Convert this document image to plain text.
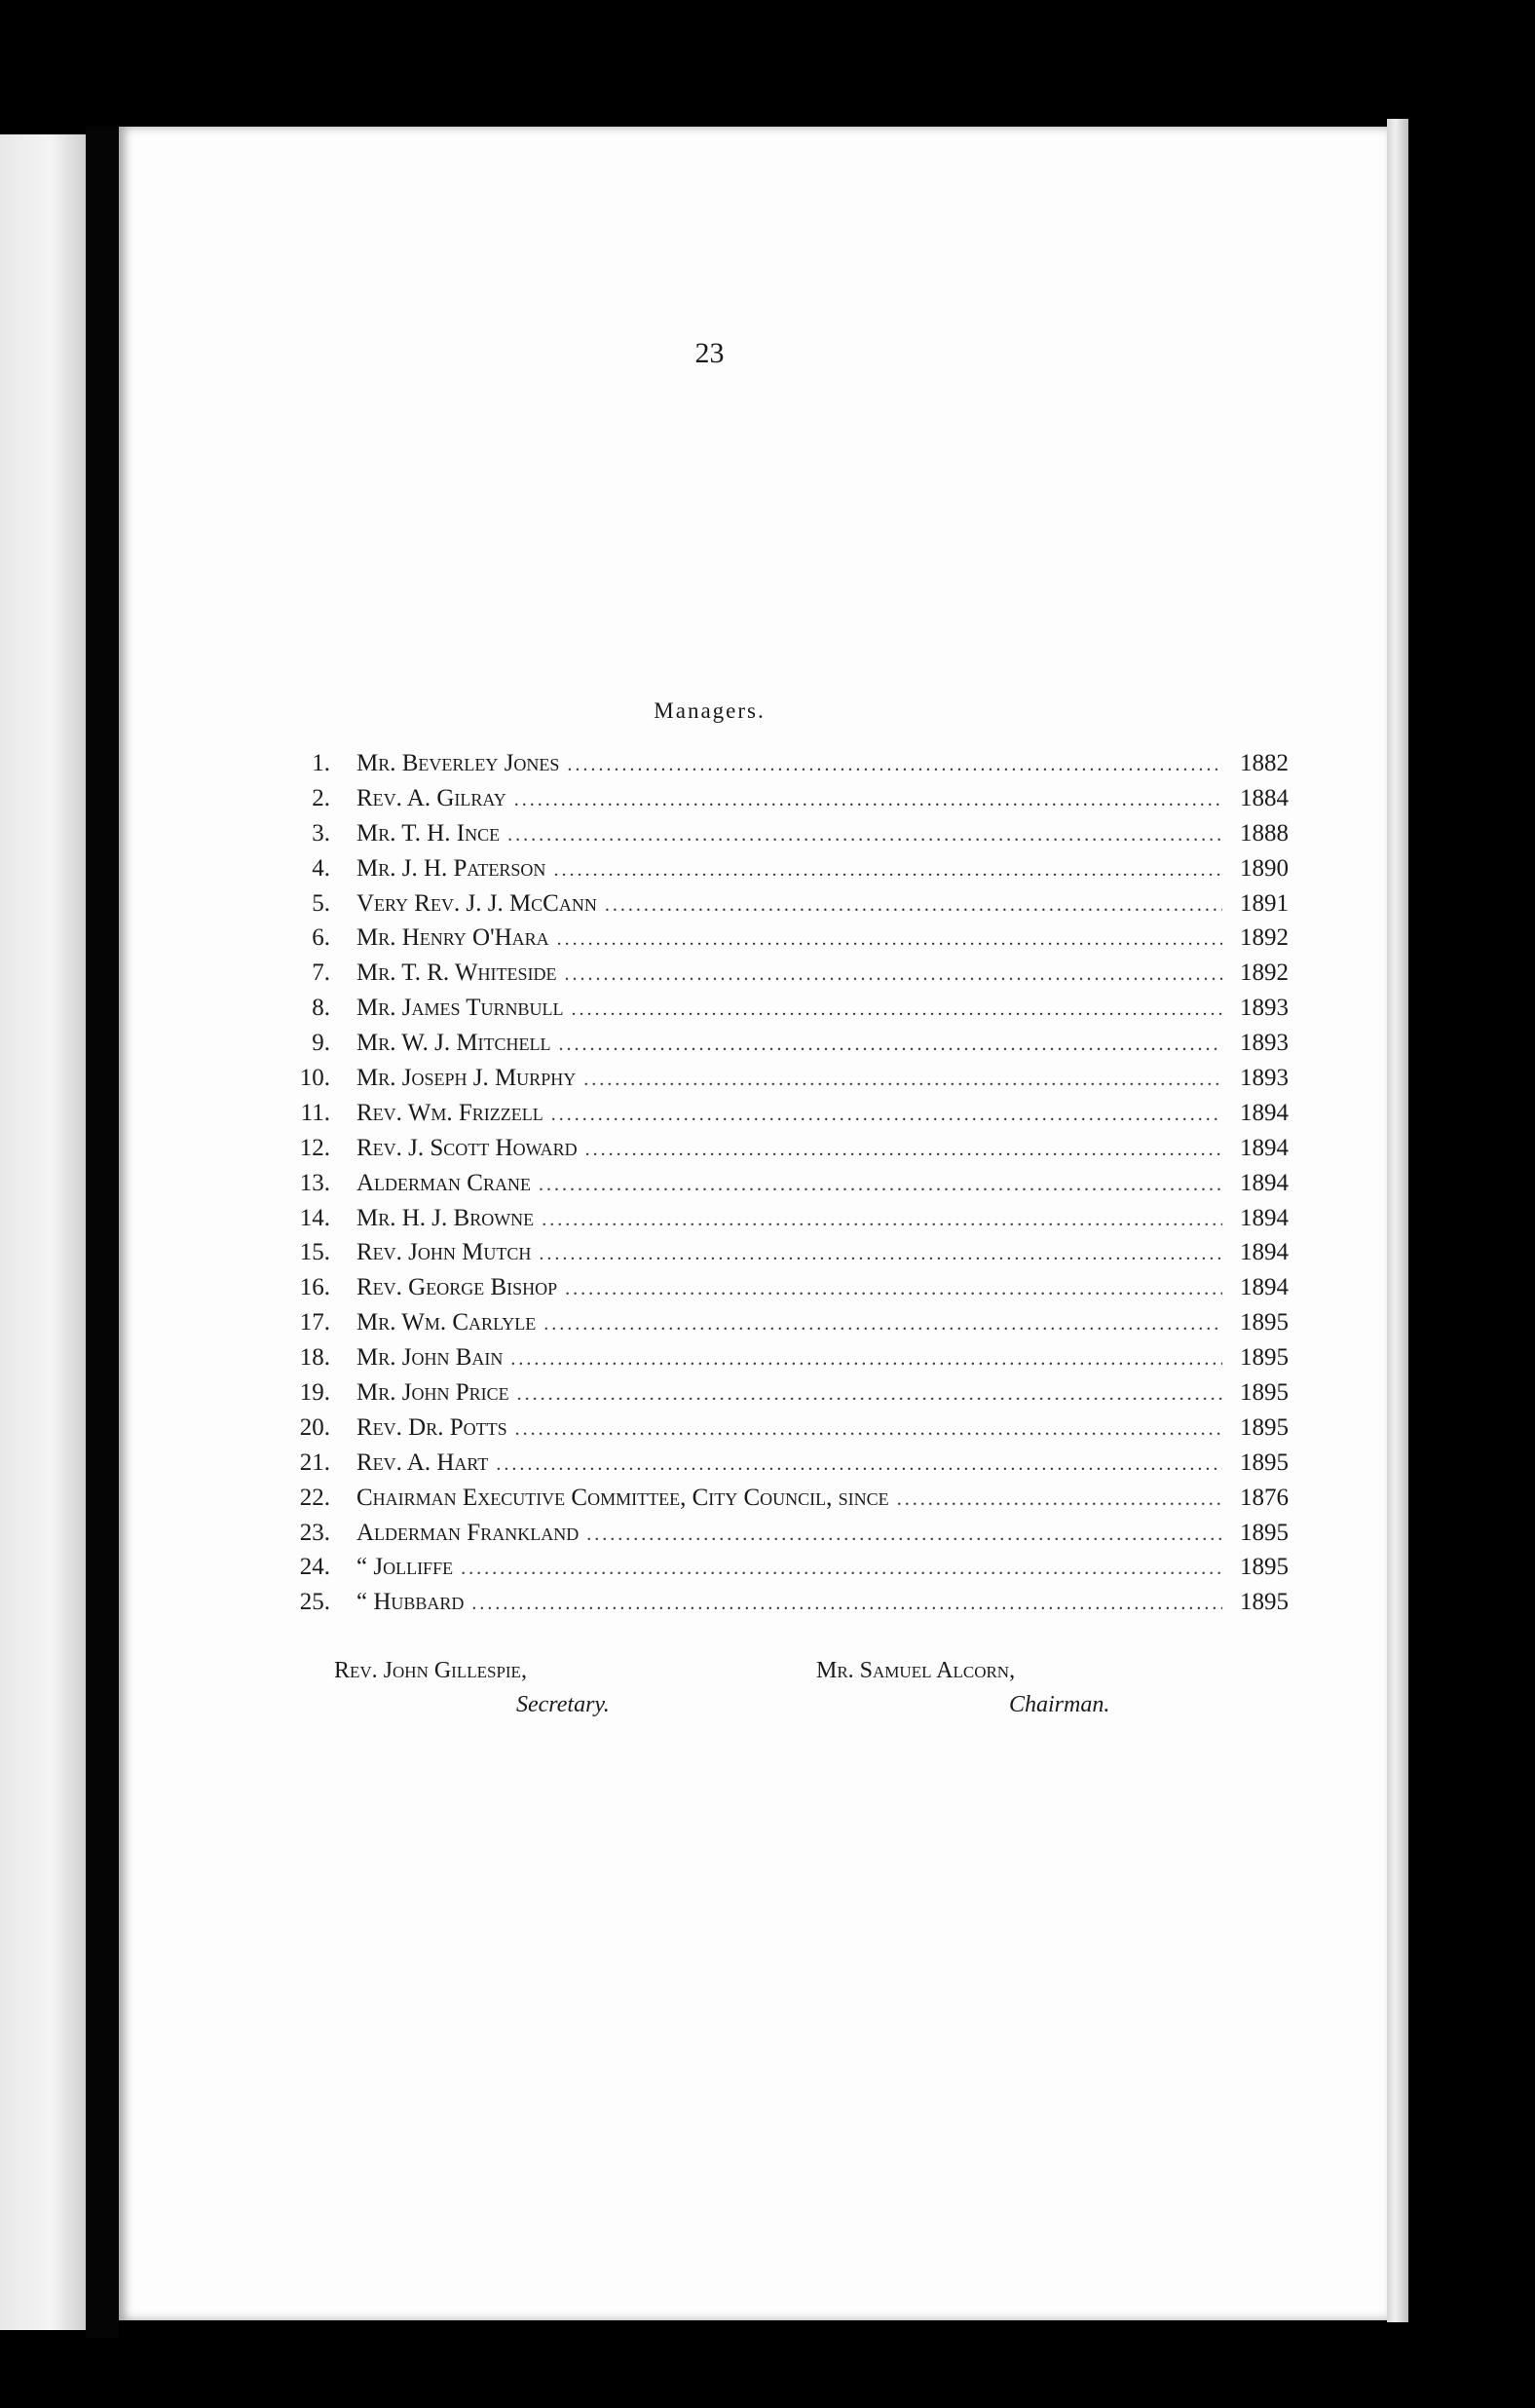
23
Managers.
1. Mr. Beverley Jones .....	1882
2. Rev. A. Gilray .....	1884
3. Mr. T. H. Ince .....	1888
4. Mr. J. H. Paterson .....	1890
5. Very Rev. J. J. McCann .....	1891
6. Mr. Henry O'Hara .....	1892
7. Mr. T. R. Whiteside .....	1892
8. Mr. James Turnbull .....	1893
9. Mr. W. J. Mitchell .....	1893
10. Mr. Joseph J. Murphy .....	1893
11. Rev. Wm. Frizzell .....	1894
12. Rev. J. Scott Howard .....	1894
13. Alderman Crane .....	1894
14. Mr. H. J. Browne .....	1894
15. Rev. John Mutch .....	1894
16. Rev. George Bishop .....	1894
17. Mr. Wm. Carlyle .....	1895
18. Mr. John Bain .....	1895
19. Mr. John Price .....	1895
20. Rev. Dr. Potts .....	1895
21. Rev. A. Hart .....	1895
22. Chairman Executive Committee, City Council, since .....	1876
23. Alderman Frankland .....	1895
24. “ Jolliffe .....	1895
25. “ Hubbard .....	1895
Rev. John Gillespie,
Secretary.
Mr. Samuel Alcorn,
Chairman.
